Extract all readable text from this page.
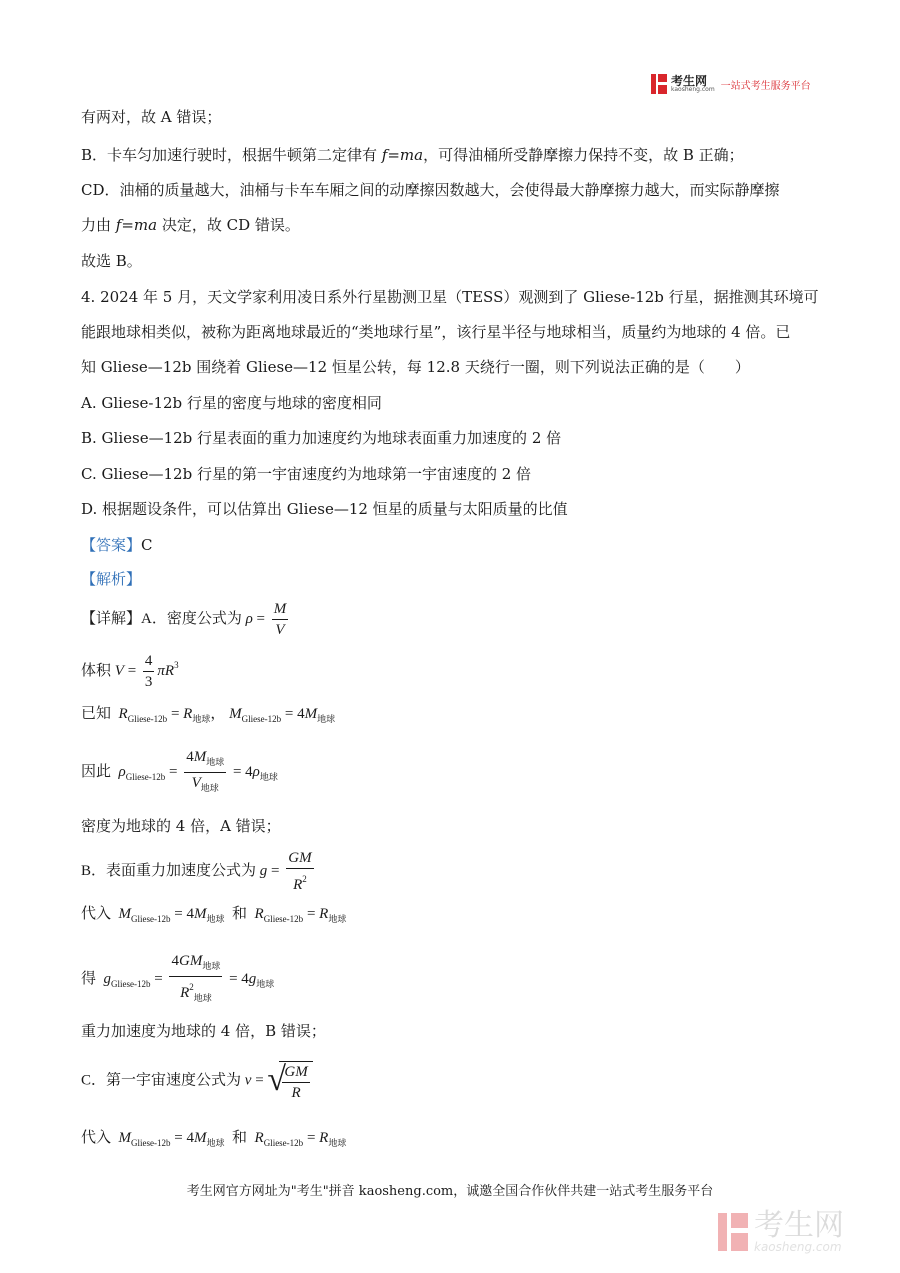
考生网
kaosheng.com 一站式考生服务平台
有两对，故 A 错误；
B．卡车匀加速行驶时，根据牛顿第二定律有 f=ma，可得油桶所受静摩擦力保持不变，故 B 正确；
CD．油桶的质量越大，油桶与卡车车厢之间的动摩擦因数越大，会使得最大静摩擦力越大，而实际静摩擦
力由 f=ma 决定，故 CD 错误。
故选 B。
4. 2024 年 5 月，天文学家利用凌日系外行星勘测卫星（TESS）观测到了 Gliese-12b 行星，据推测其环境可
能跟地球相类似，被称为距离地球最近的“类地球行星”，该行星半径与地球相当，质量约为地球的 4 倍。已
知 Gliese—12b 围绕着 Gliese—12 恒星公转，每 12.8 天绕行一圈，则下列说法正确的是（　　）
A. Gliese-12b 行星的密度与地球的密度相同
B. Gliese—12b 行星表面的重力加速度约为地球表面重力加速度的 2 倍
C. Gliese—12b 行星的第一宇宙速度约为地球第一宇宙速度的 2 倍
D. 根据题设条件，可以估算出 Gliese—12 恒星的质量与太阳质量的比值
【答案】C
【解析】
【详解】A．密度公式为 $\rho = \frac{M}{V}$
体积 $V = \frac{4}{3} \pi R^3$
已知 $R_{Gliese-12b} = R_{地球}$， $M_{Gliese-12b} = 4M_{地球}$
因此 $\rho_{Gliese-12b} = \frac{4M_{地球}}{V_{地球}} = 4\rho_{地球}$
密度为地球的 4 倍，A 错误；
B．表面重力加速度公式为 $g = \frac{GM}{R^2}$
代入 $M_{Gliese-12b} = 4M_{地球}$ 和 $R_{Gliese-12b} = R_{地球}$
得 $g_{Gliese-12b} = \frac{4GM_{地球}}{R^2_{地球}} = 4g_{地球}$
重力加速度为地球的 4 倍，B 错误；
C．第一宇宙速度公式为 v = √
$\frac{GM}{R}$
代入 $M_{Gliese-12b} = 4M_{地球}$ 和 $R_{Gliese-12b} = R_{地球}$
考生网官方网址为"考生"拼音 kaosheng.com，诚邀全国合作伙伴共建一站式考生服务平台
考生网
kaosheng.com
